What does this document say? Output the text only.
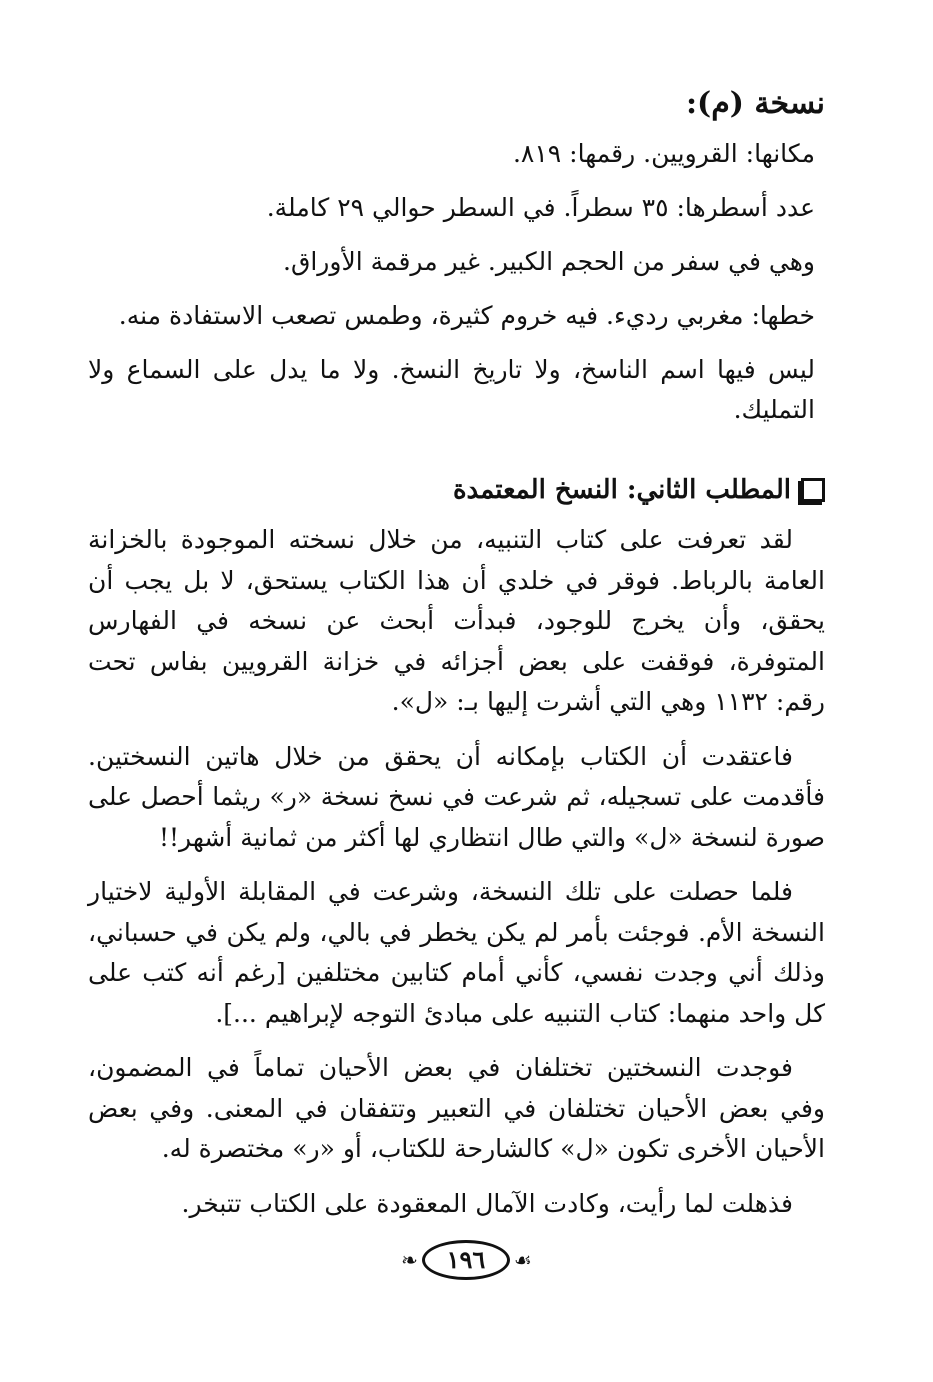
نسخة (م):

مكانها: القرويين. رقمها: ٨١٩.

عدد أسطرها: ٣٥ سطراً. في السطر حوالي ٢٩ كاملة.

وهي في سفر من الحجم الكبير. غير مرقمة الأوراق.

خطها: مغربي رديء. فيه خروم كثيرة، وطمس تصعب الاستفادة منه.

ليس فيها اسم الناسخ، ولا تاريخ النسخ. ولا ما يدل على السماع ولا التمليك.

المطلب الثاني: النسخ المعتمدة

لقد تعرفت على كتاب التنبيه، من خلال نسخته الموجودة بالخزانة العامة بالرباط. فوقر في خلدي أن هذا الكتاب يستحق، لا بل يجب أن يحقق، وأن يخرج للوجود، فبدأت أبحث عن نسخه في الفهارس المتوفرة، فوقفت على بعض أجزائه في خزانة القرويين بفاس تحت رقم: ١١٣٢ وهي التي أشرت إليها بـ: «ل».

فاعتقدت أن الكتاب بإمكانه أن يحقق من خلال هاتين النسختين. فأقدمت على تسجيله، ثم شرعت في نسخ نسخة «ر» ريثما أحصل على صورة لنسخة «ل» والتي طال انتظاري لها أكثر من ثمانية أشهر!!

فلما حصلت على تلك النسخة، وشرعت في المقابلة الأولية لاختيار النسخة الأم. فوجئت بأمر لم يكن يخطر في بالي، ولم يكن في حسباني، وذلك أني وجدت نفسي، كأني أمام كتابين مختلفين [رغم أنه كتب على كل واحد منهما: كتاب التنبيه على مبادئ التوجه لإبراهيم ...].

فوجدت النسختين تختلفان في بعض الأحيان تماماً في المضمون، وفي بعض الأحيان تختلفان في التعبير وتتفقان في المعنى. وفي بعض الأحيان الأخرى تكون «ل» كالشارحة للكتاب، أو «ر» مختصرة له.

فذهلت لما رأيت، وكادت الآمال المعقودة على الكتاب تتبخر.

☙
١٩٦
❧
